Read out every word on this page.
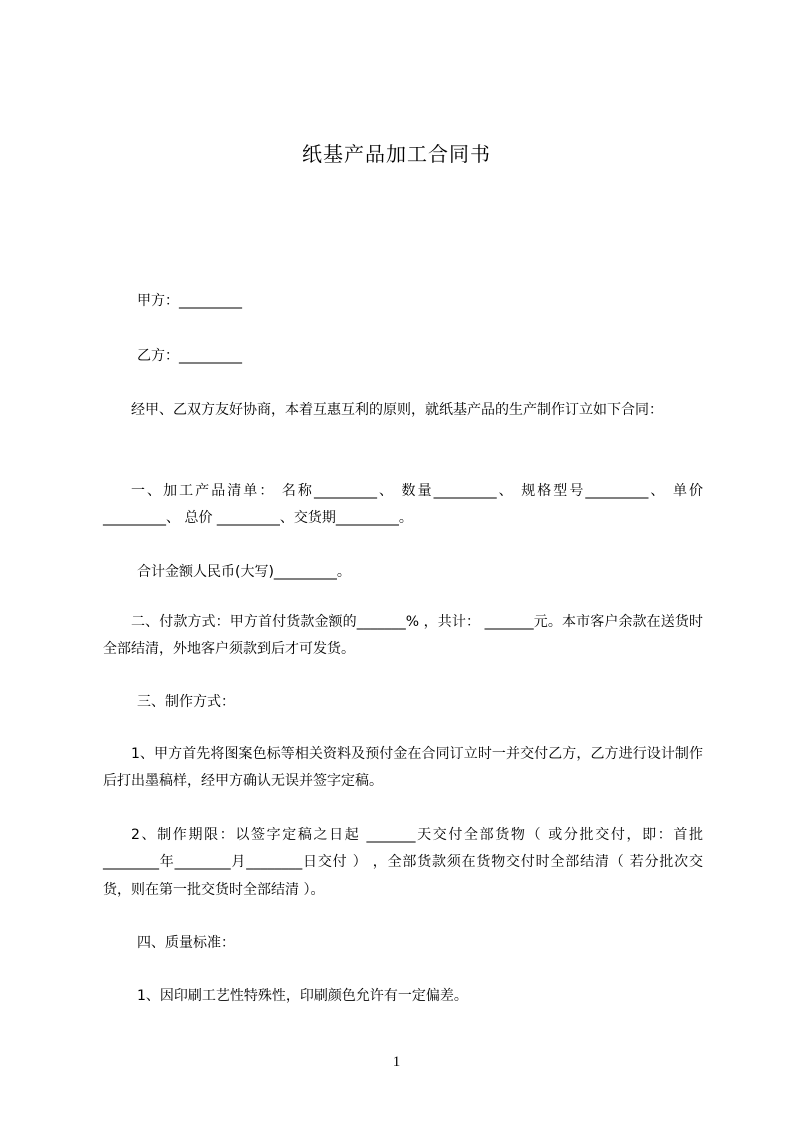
纸基产品加工合同书
甲方：_________
乙方：_________
经甲、乙双方友好协商，本着互惠互利的原则，就纸基产品的生产制作订立如下合同：
一、加工产品清单： 名称_________、 数量_________、 规格型号_________、 单价_________、 总价 _________、交货期_________。
合计金额人民币(大写)_________。
二、付款方式：甲方首付货款金额的_______% ，共计： _______元。本市客户余款在送货时全部结清，外地客户须款到后才可发货。
三、制作方式：
1、甲方首先将图案色标等相关资料及预付金在合同订立时一并交付乙方，乙方进行设计制作后打出墨稿样，经甲方确认无误并签字定稿。
2、制作期限：以签字定稿之日起 _______天交付全部货物（ 或分批交付，即：首批 ________年________月________日交付 ） ，全部货款须在货物交付时全部结清（ 若分批次交货，则在第一批交货时全部结清 ）。
四、质量标准：
1、因印刷工艺性特殊性，印刷颜色允许有一定偏差。
1
